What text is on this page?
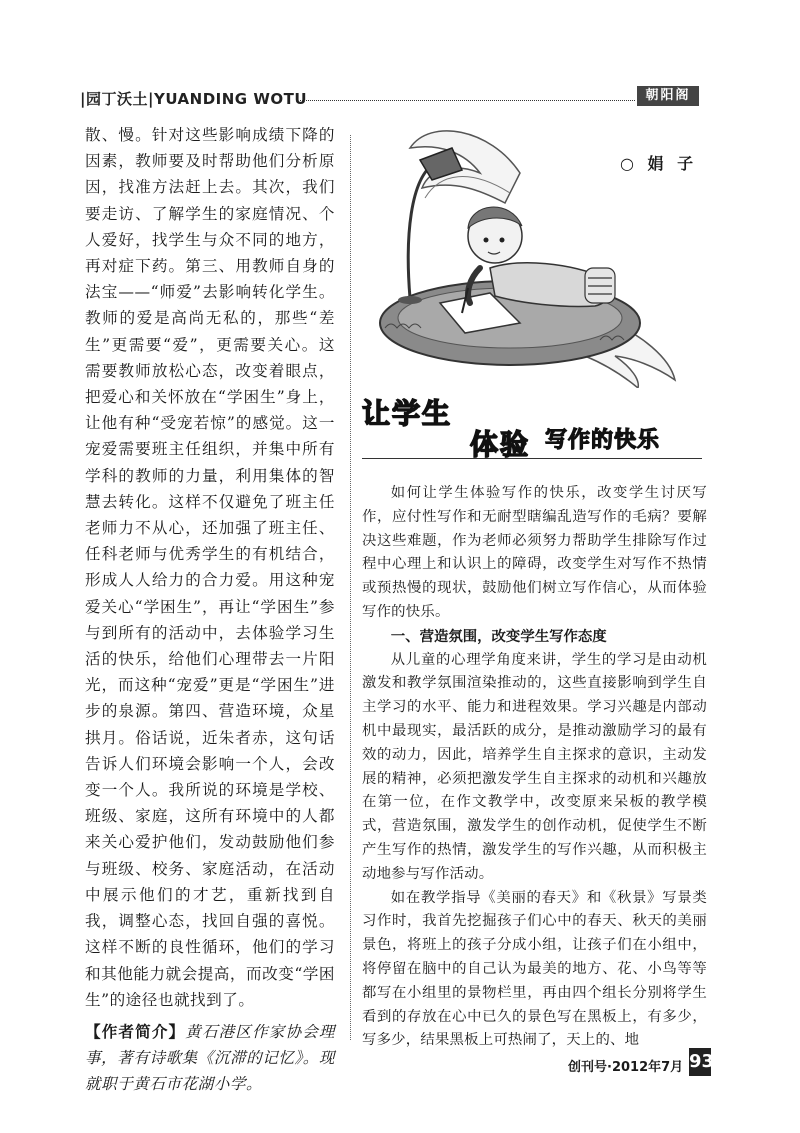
|园丁沃土|YUANDING WOTU	朝阳阁

散、慢。针对这些影响成绩下降的因素，教师要及时帮助他们分析原因，找准方法赶上去。其次，我们要走访、了解学生的家庭情况、个人爱好，找学生与众不同的地方，再对症下药。第三、用教师自身的法宝——“师爱”去影响转化学生。教师的爱是高尚无私的，那些“差生”更需要“爱”，更需要关心。这需要教师放松心态，改变着眼点，把爱心和关怀放在“学困生”身上，让他有种“受宠若惊”的感觉。这一宠爱需要班主任组织，并集中所有学科的教师的力量，利用集体的智慧去转化。这样不仅避免了班主任老师力不从心，还加强了班主任、任科老师与优秀学生的有机结合，形成人人给力的合力爱。用这种宠爱关心“学困生”，再让“学困生”参与到所有的活动中，去体验学习生活的快乐，给他们心理带去一片阳光，而这种“宠爱”更是“学困生”进步的泉源。第四、营造环境，众星拱月。俗话说，近朱者赤，这句话告诉人们环境会影响一个人，会改变一个人。我所说的环境是学校、班级、家庭，这所有环境中的人都来关心爱护他们，发动鼓励他们参与班级、校务、家庭活动，在活动中展示他们的才艺，重新找到自我，调整心态，找回自强的喜悦。这样不断的良性循环，他们的学习和其他能力就会提高，而改变“学困生”的途径也就找到了。

【作者简介】黄石港区作家协会理事，著有诗歌集《沉滞的记忆》。现就职于黄石市花湖小学。

○ 娟 子
让学生
体验 写作的快乐

如何让学生体验写作的快乐，改变学生讨厌写作，应付性写作和无耐型瞎编乱造写作的毛病？要解决这些难题，作为老师必须努力帮助学生排除写作过程中心理上和认识上的障碍，改变学生对写作不热情或预热慢的现状，鼓励他们树立写作信心，从而体验写作的快乐。

一、营造氛围，改变学生写作态度

从儿童的心理学角度来讲，学生的学习是由动机激发和教学氛围渲染推动的，这些直接影响到学生自主学习的水平、能力和进程效果。学习兴趣是内部动机中最现实，最活跃的成分，是推动激励学习的最有效的动力，因此，培养学生自主探求的意识，主动发展的精神，必须把激发学生自主探求的动机和兴趣放在第一位，在作文教学中，改变原来呆板的教学模式，营造氛围，激发学生的创作动机，促使学生不断产生写作的热情，激发学生的写作兴趣，从而积极主动地参与写作活动。

如在教学指导《美丽的春天》和《秋景》写景类习作时，我首先挖掘孩子们心中的春天、秋天的美丽景色，将班上的孩子分成小组，让孩子们在小组中，将停留在脑中的自己认为最美的地方、花、小鸟等等都写在小组里的景物栏里，再由四个组长分别将学生看到的存放在心中已久的景色写在黑板上，有多少，写多少，结果黑板上可热闹了，天上的、地

创刊号·2012年7月 93
